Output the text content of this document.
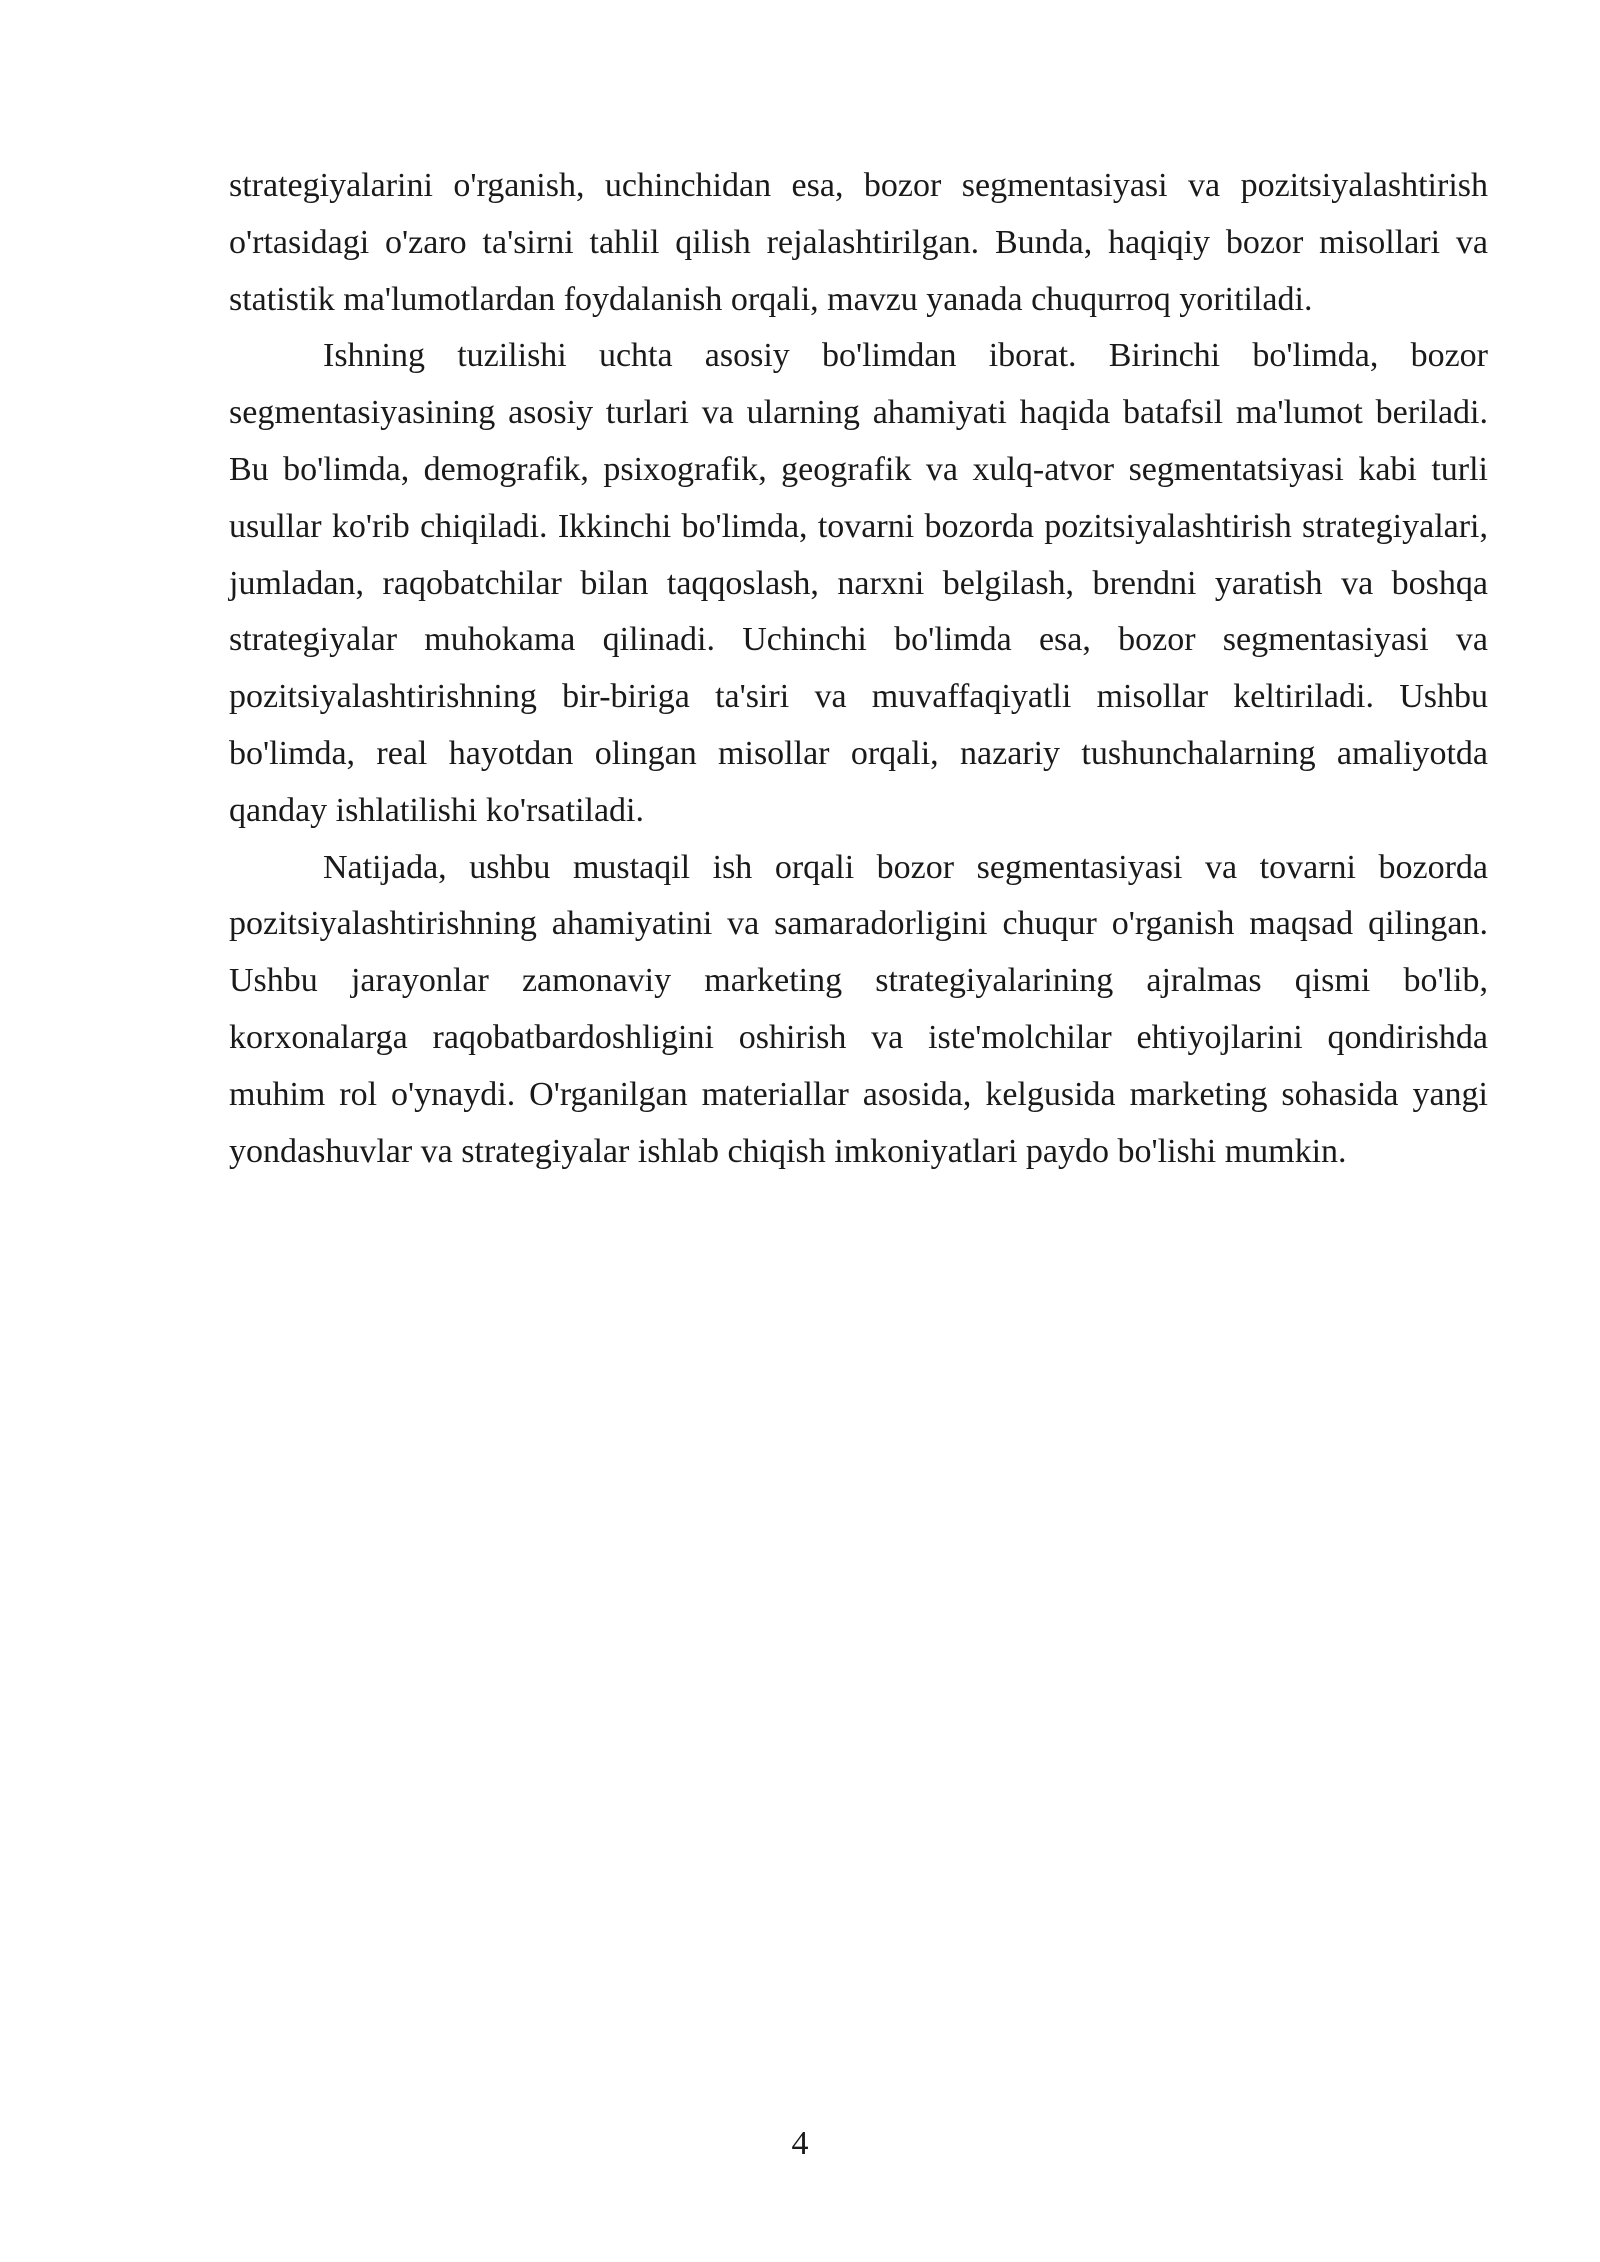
strategiyalarini o'rganish, uchinchidan esa, bozor segmentasiyasi va pozitsiyalashtirish o'rtasidagi o'zaro ta'sirni tahlil qilish rejalashtirilgan. Bunda, haqiqiy bozor misollari va statistik ma'lumotlardan foydalanish orqali, mavzu yanada chuqurroq yoritiladi.

Ishning tuzilishi uchta asosiy bo'limdan iborat. Birinchi bo'limda, bozor segmentasiyasining asosiy turlari va ularning ahamiyati haqida batafsil ma'lumot beriladi. Bu bo'limda, demografik, psixografik, geografik va xulq-atvor segmentatsiyasi kabi turli usullar ko'rib chiqiladi. Ikkinchi bo'limda, tovarni bozorda pozitsiyalashtirish strategiyalari, jumladan, raqobatchilar bilan taqqoslash, narxni belgilash, brendni yaratish va boshqa strategiyalar muhokama qilinadi. Uchinchi bo'limda esa, bozor segmentasiyasi va pozitsiyalashtirishning bir-biriga ta'siri va muvaffaqiyatli misollar keltiriladi. Ushbu bo'limda, real hayotdan olingan misollar orqali, nazariy tushunchalarning amaliyotda qanday ishlatilishi ko'rsatiladi.

Natijada, ushbu mustaqil ish orqali bozor segmentasiyasi va tovarni bozorda pozitsiyalashtirishning ahamiyatini va samaradorligini chuqur o'rganish maqsad qilingan. Ushbu jarayonlar zamonaviy marketing strategiyalarining ajralmas qismi bo'lib, korxonalarga raqobatbardoshligini oshirish va iste'molchilar ehtiyojlarini qondirishda muhim rol o'ynaydi. O'rganilgan materiallar asosida, kelgusida marketing sohasida yangi yondashuvlar va strategiyalar ishlab chiqish imkoniyatlari paydo bo'lishi mumkin.

4
